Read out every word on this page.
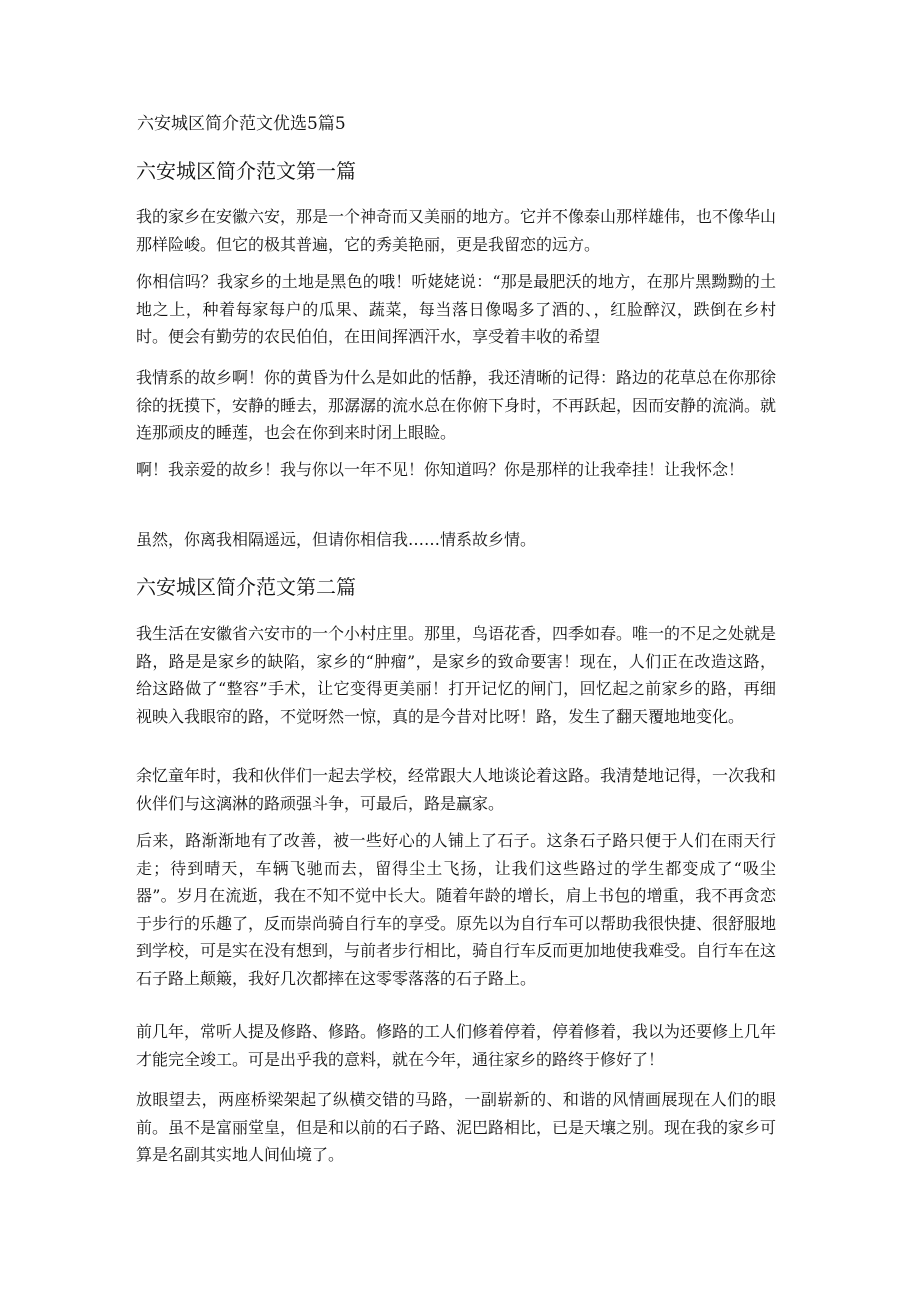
六安城区简介范文优选5篇5
六安城区简介范文第一篇

我的家乡在安徽六安，那是一个神奇而又美丽的地方。它并不像泰山那样雄伟，也不像华山那样险峻。但它的极其普遍，它的秀美艳丽，更是我留恋的远方。

你相信吗？我家乡的土地是黑色的哦！听姥姥说：“那是最肥沃的地方，在那片黑黝黝的土地之上，种着每家每户的瓜果、蔬菜，每当落日像喝多了酒的、，红脸醉汉，跌倒在乡村时。便会有勤劳的农民伯伯，在田间挥洒汗水，享受着丰收的希望

我情系的故乡啊！你的黄昏为什么是如此的恬静，我还清晰的记得：路边的花草总在你那徐徐的抚摸下，安静的睡去，那潺潺的流水总在你俯下身时，不再跃起，因而安静的流淌。就连那顽皮的睡莲，也会在你到来时闭上眼睑。

啊！我亲爱的故乡！我与你以一年不见！你知道吗？你是那样的让我牵挂！让我怀念！

虽然，你离我相隔遥远，但请你相信我……情系故乡情。

六安城区简介范文第二篇

我生活在安徽省六安市的一个小村庄里。那里，鸟语花香，四季如春。唯一的不足之处就是路，路是是家乡的缺陷，家乡的“肿瘤”，是家乡的致命要害！现在，人们正在改造这路，给这路做了“整容”手术，让它变得更美丽！打开记忆的闸门，回忆起之前家乡的路，再细视映入我眼帘的路，不觉呀然一惊，真的是今昔对比呀！路，发生了翻天覆地地变化。

余忆童年时，我和伙伴们一起去学校，经常跟大人地谈论着这路。我清楚地记得，一次我和伙伴们与这漓淋的路顽强斗争，可最后，路是赢家。

后来，路渐渐地有了改善，被一些好心的人铺上了石子。这条石子路只便于人们在雨天行走；待到晴天，车辆飞驰而去，留得尘土飞扬，让我们这些路过的学生都变成了“吸尘器”。岁月在流逝，我在不知不觉中长大。随着年龄的增长，肩上书包的增重，我不再贪恋于步行的乐趣了，反而崇尚骑自行车的享受。原先以为自行车可以帮助我很快捷、很舒服地到学校，可是实在没有想到，与前者步行相比，骑自行车反而更加地使我难受。自行车在这石子路上颠簸，我好几次都摔在这零零落落的石子路上。

前几年，常听人提及修路、修路。修路的工人们修着停着，停着修着，我以为还要修上几年才能完全竣工。可是出乎我的意料，就在今年，通往家乡的路终于修好了！

放眼望去，两座桥梁架起了纵横交错的马路，一副崭新的、和谐的风情画展现在人们的眼前。虽不是富丽堂皇，但是和以前的石子路、泥巴路相比，已是天壤之别。现在我的家乡可算是名副其实地人间仙境了。
